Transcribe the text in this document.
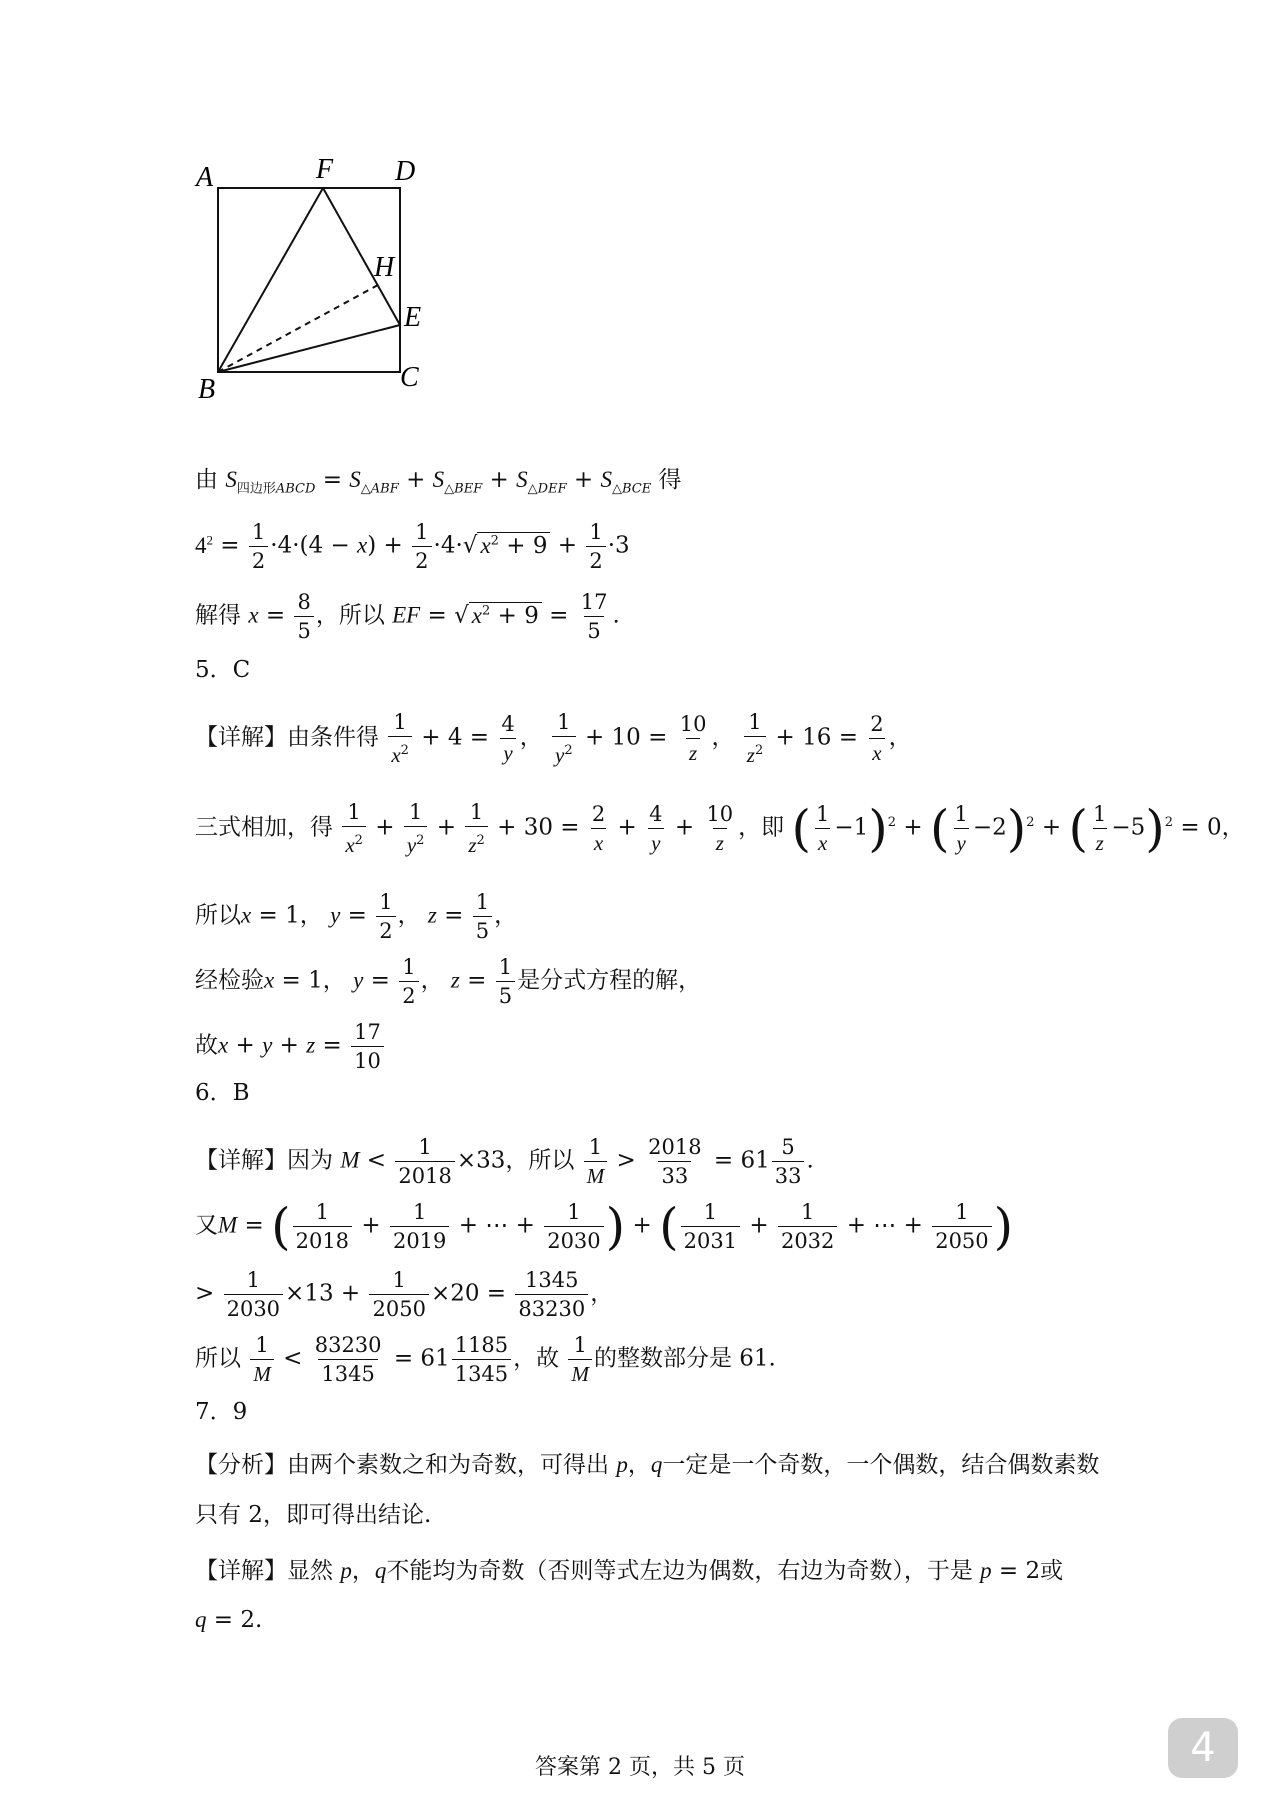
A	F D
H
E
B	C
由 $S_{四边形ABCD} = S_{\triangle ABF} + S_{\triangle BEF} + S_{\triangle DEF} + S_{\triangle BCE}$ 得
$4^2 = \frac{1}{2} \cdot 4\cdot(4 - x) + \frac{1}{2} \cdot 4\cdot√$ $x^2 + 9 + \frac{1}{2} \cdot 3$
解得 $x = \frac{8}{5}$ ，所以 EF = √ $x^2 + 9 = \frac{17}{5}$ .
5．C
【详解】由条件得 $\frac{1}{x^2} + 4 = \frac{4}{y}$ ， $\frac{1}{y^2} + 10 = \frac{10}{z}$ ， $\frac{1}{z^2} + 16 = \frac{2}{x}$ ，
三式相加，得 $\frac{1}{x^2} + \frac{1}{y^2} + \frac{1}{z^2} + 30 = \frac{2}{x} + \frac{4}{y} + \frac{10}{z}$ ，即 ( $\frac{1}{x} -1)^2$ + ( $\frac{1}{y} -2)^2$ + ( $\frac{1}{z} -5)^2 = 0$，
所以x = 1， $y = \frac{1}{2}$ ， $z = \frac{1}{5}$ ，
经检验x = 1， $y = \frac{1}{2}$ ， $z = \frac{1}{5}$ 是分式方程的解，
故$x + y + z = \frac{17}{10}$
6．B
【详解】因为 $M < \frac{1}{2018} \times 33$，所以 $\frac{1}{M} > \frac{2018}{33} = 61 \frac{5}{33}$ .
又M = ( $\frac{1}{2018} + \frac{1}{2019}$ + ⋯ + $\frac{1}{2030}$ ) + ( $\frac{1}{2031} + \frac{1}{2032}$ + ⋯ + $\frac{1}{2050}$ )
> $\frac{1}{2030} \times 13 + \frac{1}{2050} \times 20 = \frac{1345}{83230}$ ，
所以 $\frac{1}{M} < \frac{83230}{1345} = 61 \frac{1185}{1345}$ ，故 $\frac{1}{M}$ 的整数部分是 61.
7．9
【分析】由两个素数之和为奇数，可得出 p，q一定是一个奇数，一个偶数，结合偶数素数
只有 2，即可得出结论.
【详解】显然 p，q不能均为奇数（否则等式左边为偶数，右边为奇数），于是 p = 2或
q = 2.
4
答案第 2 页，共 5 页
